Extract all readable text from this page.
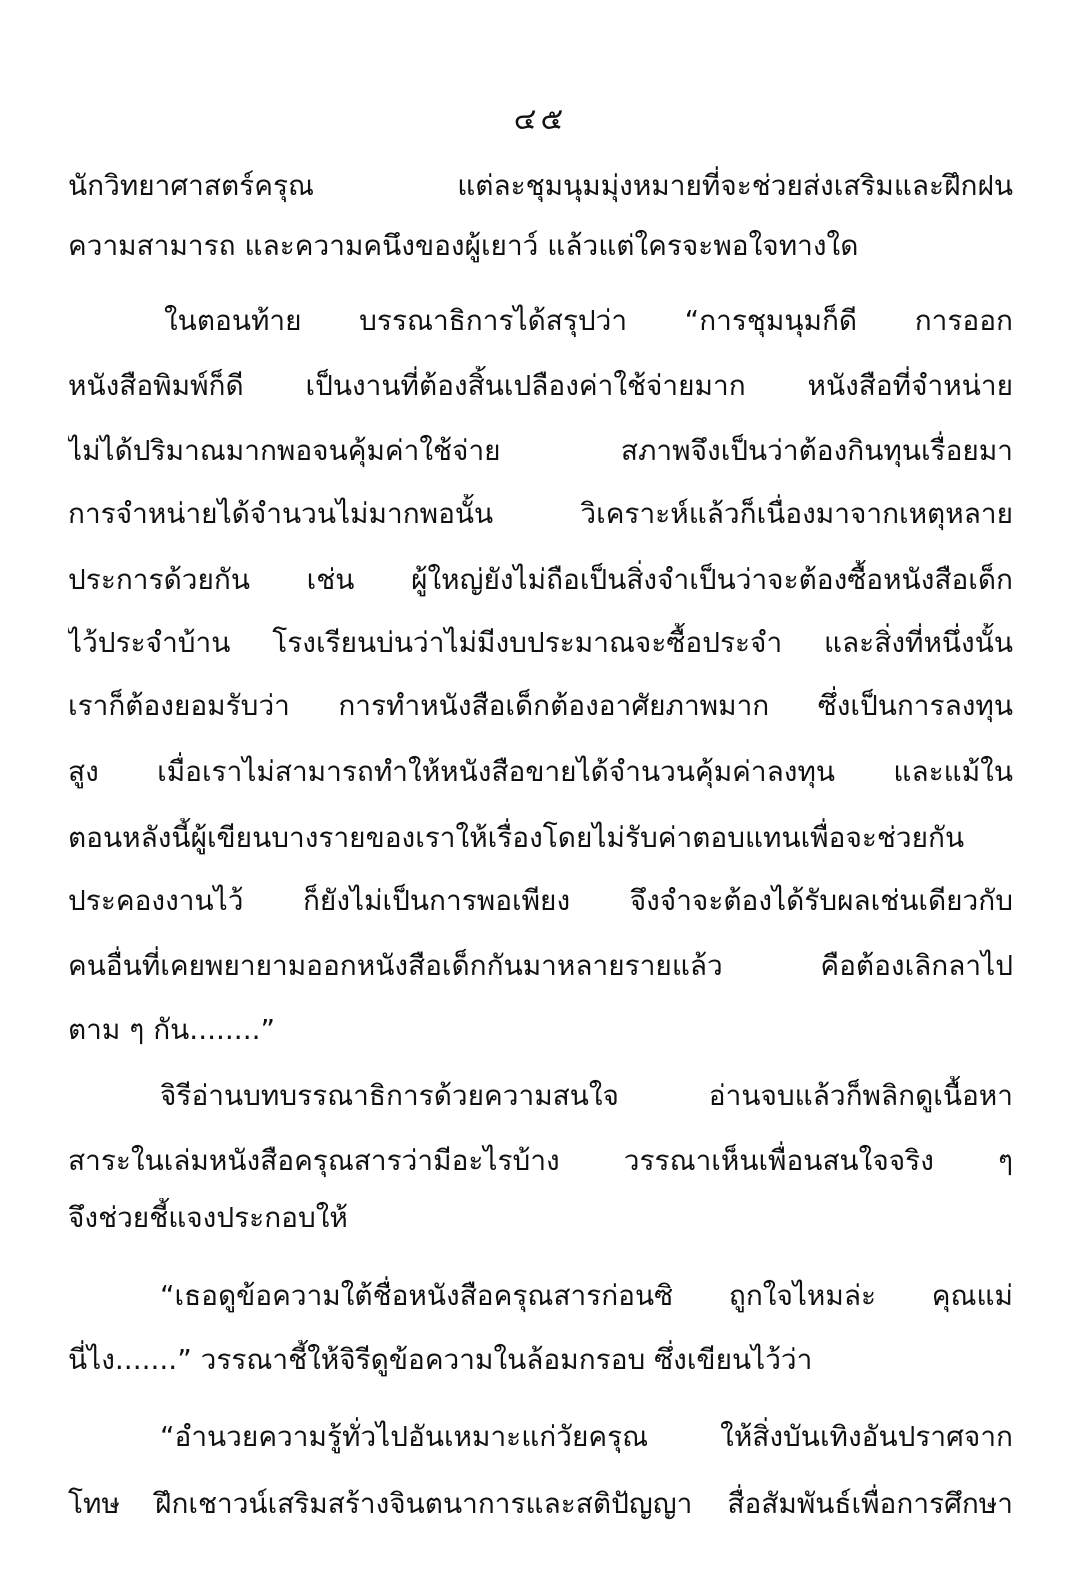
๔๕
นักวิทยาศาสตร์ครุณ แต่ละชุมนุมมุ่งหมายที่จะช่วยส่งเสริมและฝึกฝน
ความสามารถ และความคนึงของผู้เยาว์ แล้วแต่ใครจะพอใจทางใด
ในตอนท้าย บรรณาธิการได้สรุปว่า “การชุมนุมก็ดี การออก
หนังสือพิมพ์ก็ดี เป็นงานที่ต้องสิ้นเปลืองค่าใช้จ่ายมาก หนังสือที่จำหน่าย
ไม่ได้ปริมาณมากพอจนคุ้มค่าใช้จ่าย สภาพจึงเป็นว่าต้องกินทุนเรื่อยมา
การจำหน่ายได้จำนวนไม่มากพอนั้น วิเคราะห์แล้วก็เนื่องมาจากเหตุหลาย
ประการด้วยกัน เช่น ผู้ใหญ่ยังไม่ถือเป็นสิ่งจำเป็นว่าจะต้องซื้อหนังสือเด็ก
ไว้ประจำบ้าน โรงเรียนบ่นว่าไม่มีงบประมาณจะซื้อประจำ และสิ่งที่หนึ่งนั้น
เราก็ต้องยอมรับว่า การทำหนังสือเด็กต้องอาศัยภาพมาก ซึ่งเป็นการลงทุน
สูง เมื่อเราไม่สามารถทำให้หนังสือขายได้จำนวนคุ้มค่าลงทุน และแม้ใน
ตอนหลังนี้ผู้เขียนบางรายของเราให้เรื่องโดยไม่รับค่าตอบแทนเพื่อจะช่วยกัน
ประคองงานไว้ ก็ยังไม่เป็นการพอเพียง จึงจำจะต้องได้รับผลเช่นเดียวกับ
คนอื่นที่เคยพยายามออกหนังสือเด็กกันมาหลายรายแล้ว คือต้องเลิกลาไป
ตาม ๆ กัน........”
จิรีอ่านบทบรรณาธิการด้วยความสนใจ อ่านจบแล้วก็พลิกดูเนื้อหา
สาระในเล่มหนังสือครุณสารว่ามีอะไรบ้าง วรรณาเห็นเพื่อนสนใจจริง ๆ
จึงช่วยชี้แจงประกอบให้
“เธอดูข้อความใต้ชื่อหนังสือครุณสารก่อนซิ ถูกใจไหมล่ะ คุณแม่
นี่ไง.......” วรรณาชี้ให้จิรีดูข้อความในล้อมกรอบ ซึ่งเขียนไว้ว่า
“อำนวยความรู้ทั่วไปอันเหมาะแก่วัยครุณ ให้สิ่งบันเทิงอันปราศจาก
โทษ ฝึกเชาวน์เสริมสร้างจินตนาการและสติปัญญา สื่อสัมพันธ์เพื่อการศึกษา
